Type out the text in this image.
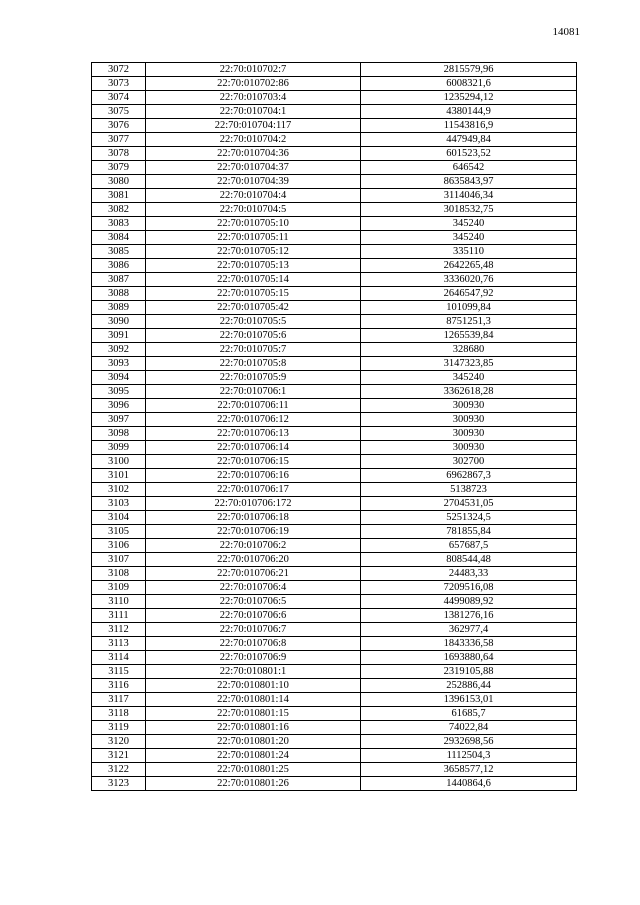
14081
3072	22:70:010702:7	2815579,96
3073	22:70:010702:86	6008321,6
3074	22:70:010703:4	1235294,12
3075	22:70:010704:1	4380144,9
3076	22:70:010704:117	11543816,9
3077	22:70:010704:2	447949,84
3078	22:70:010704:36	601523,52
3079	22:70:010704:37	646542
3080	22:70:010704:39	8635843,97
3081	22:70:010704:4	3114046,34
3082	22:70:010704:5	3018532,75
3083	22:70:010705:10	345240
3084	22:70:010705:11	345240
3085	22:70:010705:12	335110
3086	22:70:010705:13	2642265,48
3087	22:70:010705:14	3336020,76
3088	22:70:010705:15	2646547,92
3089	22:70:010705:42	101099,84
3090	22:70:010705:5	8751251,3
3091	22:70:010705:6	1265539,84
3092	22:70:010705:7	328680
3093	22:70:010705:8	3147323,85
3094	22:70:010705:9	345240
3095	22:70:010706:1	3362618,28
3096	22:70:010706:11	300930
3097	22:70:010706:12	300930
3098	22:70:010706:13	300930
3099	22:70:010706:14	300930
3100	22:70:010706:15	302700
3101	22:70:010706:16	6962867,3
3102	22:70:010706:17	5138723
3103	22:70:010706:172	2704531,05
3104	22:70:010706:18	5251324,5
3105	22:70:010706:19	781855,84
3106	22:70:010706:2	657687,5
3107	22:70:010706:20	808544,48
3108	22:70:010706:21	24483,33
3109	22:70:010706:4	7209516,08
3110	22:70:010706:5	4499089,92
3111	22:70:010706:6	1381276,16
3112	22:70:010706:7	362977,4
3113	22:70:010706:8	1843336,58
3114	22:70:010706:9	1693880,64
3115	22:70:010801:1	2319105,88
3116	22:70:010801:10	252886,44
3117	22:70:010801:14	1396153,01
3118	22:70:010801:15	61685,7
3119	22:70:010801:16	74022,84
3120	22:70:010801:20	2932698,56
3121	22:70:010801:24	1112504,3
3122	22:70:010801:25	3658577,12
3123	22:70:010801:26	1440864,6
